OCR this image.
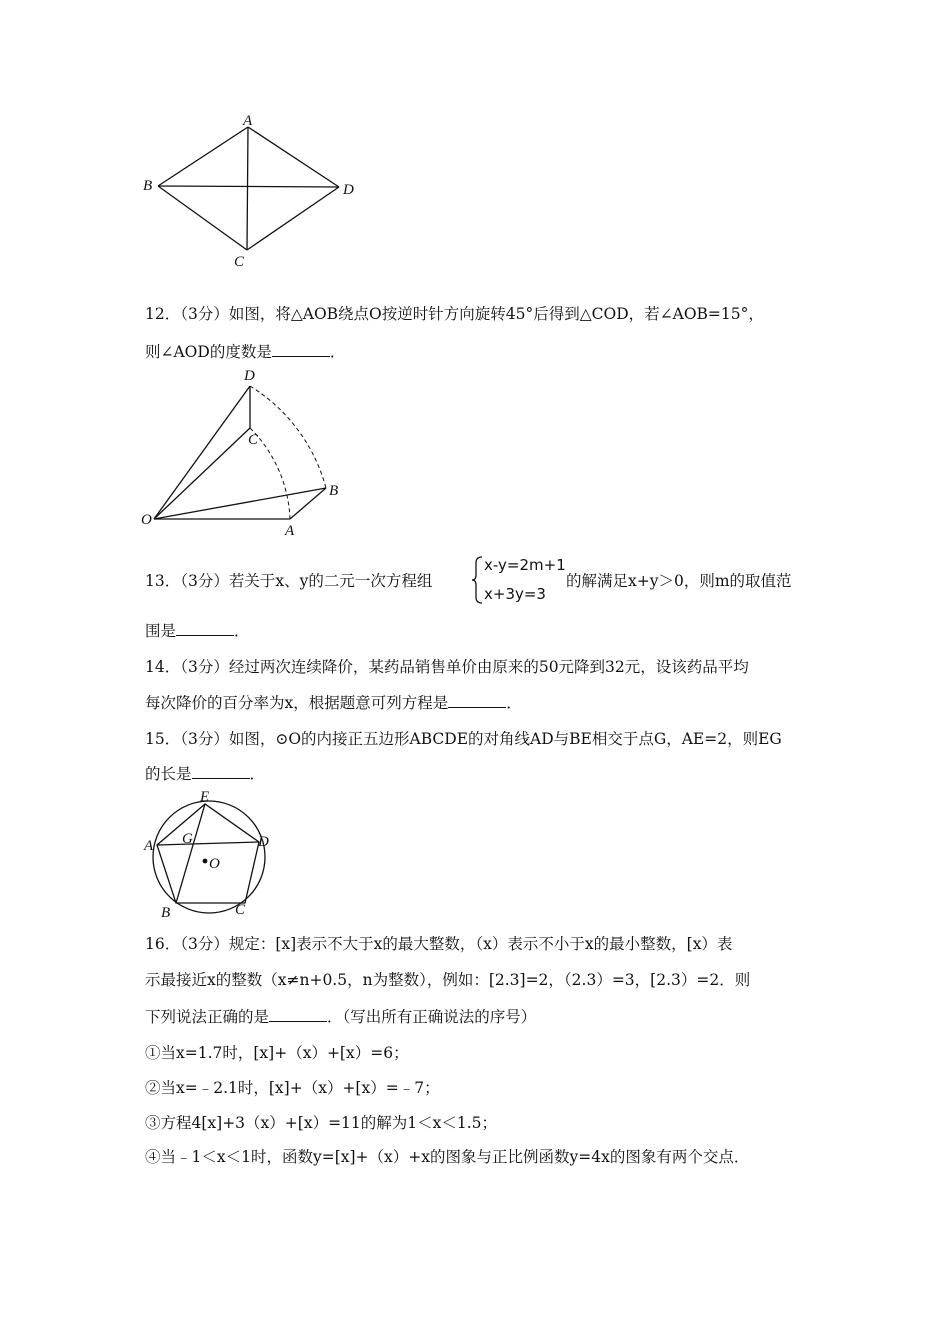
A
B
C
D
12．（3分）如图，将△AOB绕点O按逆时针方向旋转45°后得到△COD，若∠AOB=15°，
则∠AOD的度数是	．
D
C
B
O
A
13．（3分）若关于x、y的二元一次方程组
x-y=2m+1
x+3y=3
的解满足x+y＞0，则m的取值范
围是	．
14．（3分）经过两次连续降价，某药品销售单价由原来的50元降到32元，设该药品平均
每次降价的百分率为x，根据题意可列方程是	．
15．（3分）如图，⊙O的内接正五边形ABCDE的对角线AD与BE相交于点G，AE=2，则EG
的长是	．
E
A G	D
O
B	C
16．（3分）规定：[x]表示不大于x的最大整数，（x）表示不小于x的最小整数，[x）表
示最接近x的整数（x≠n+0.5，n为整数），例如：[2.3]=2，（2.3）=3，[2.3）=2．则
下列说法正确的是	．（写出所有正确说法的序号）
①当x=1.7时，[x]+（x）+[x）=6；
②当x=﹣2.1时，[x]+（x）+[x）=﹣7；
③方程4[x]+3（x）+[x）=11的解为1＜x＜1.5；
④当﹣1＜x＜1时，函数y=[x]+（x）+x的图象与正比例函数y=4x的图象有两个交点．
